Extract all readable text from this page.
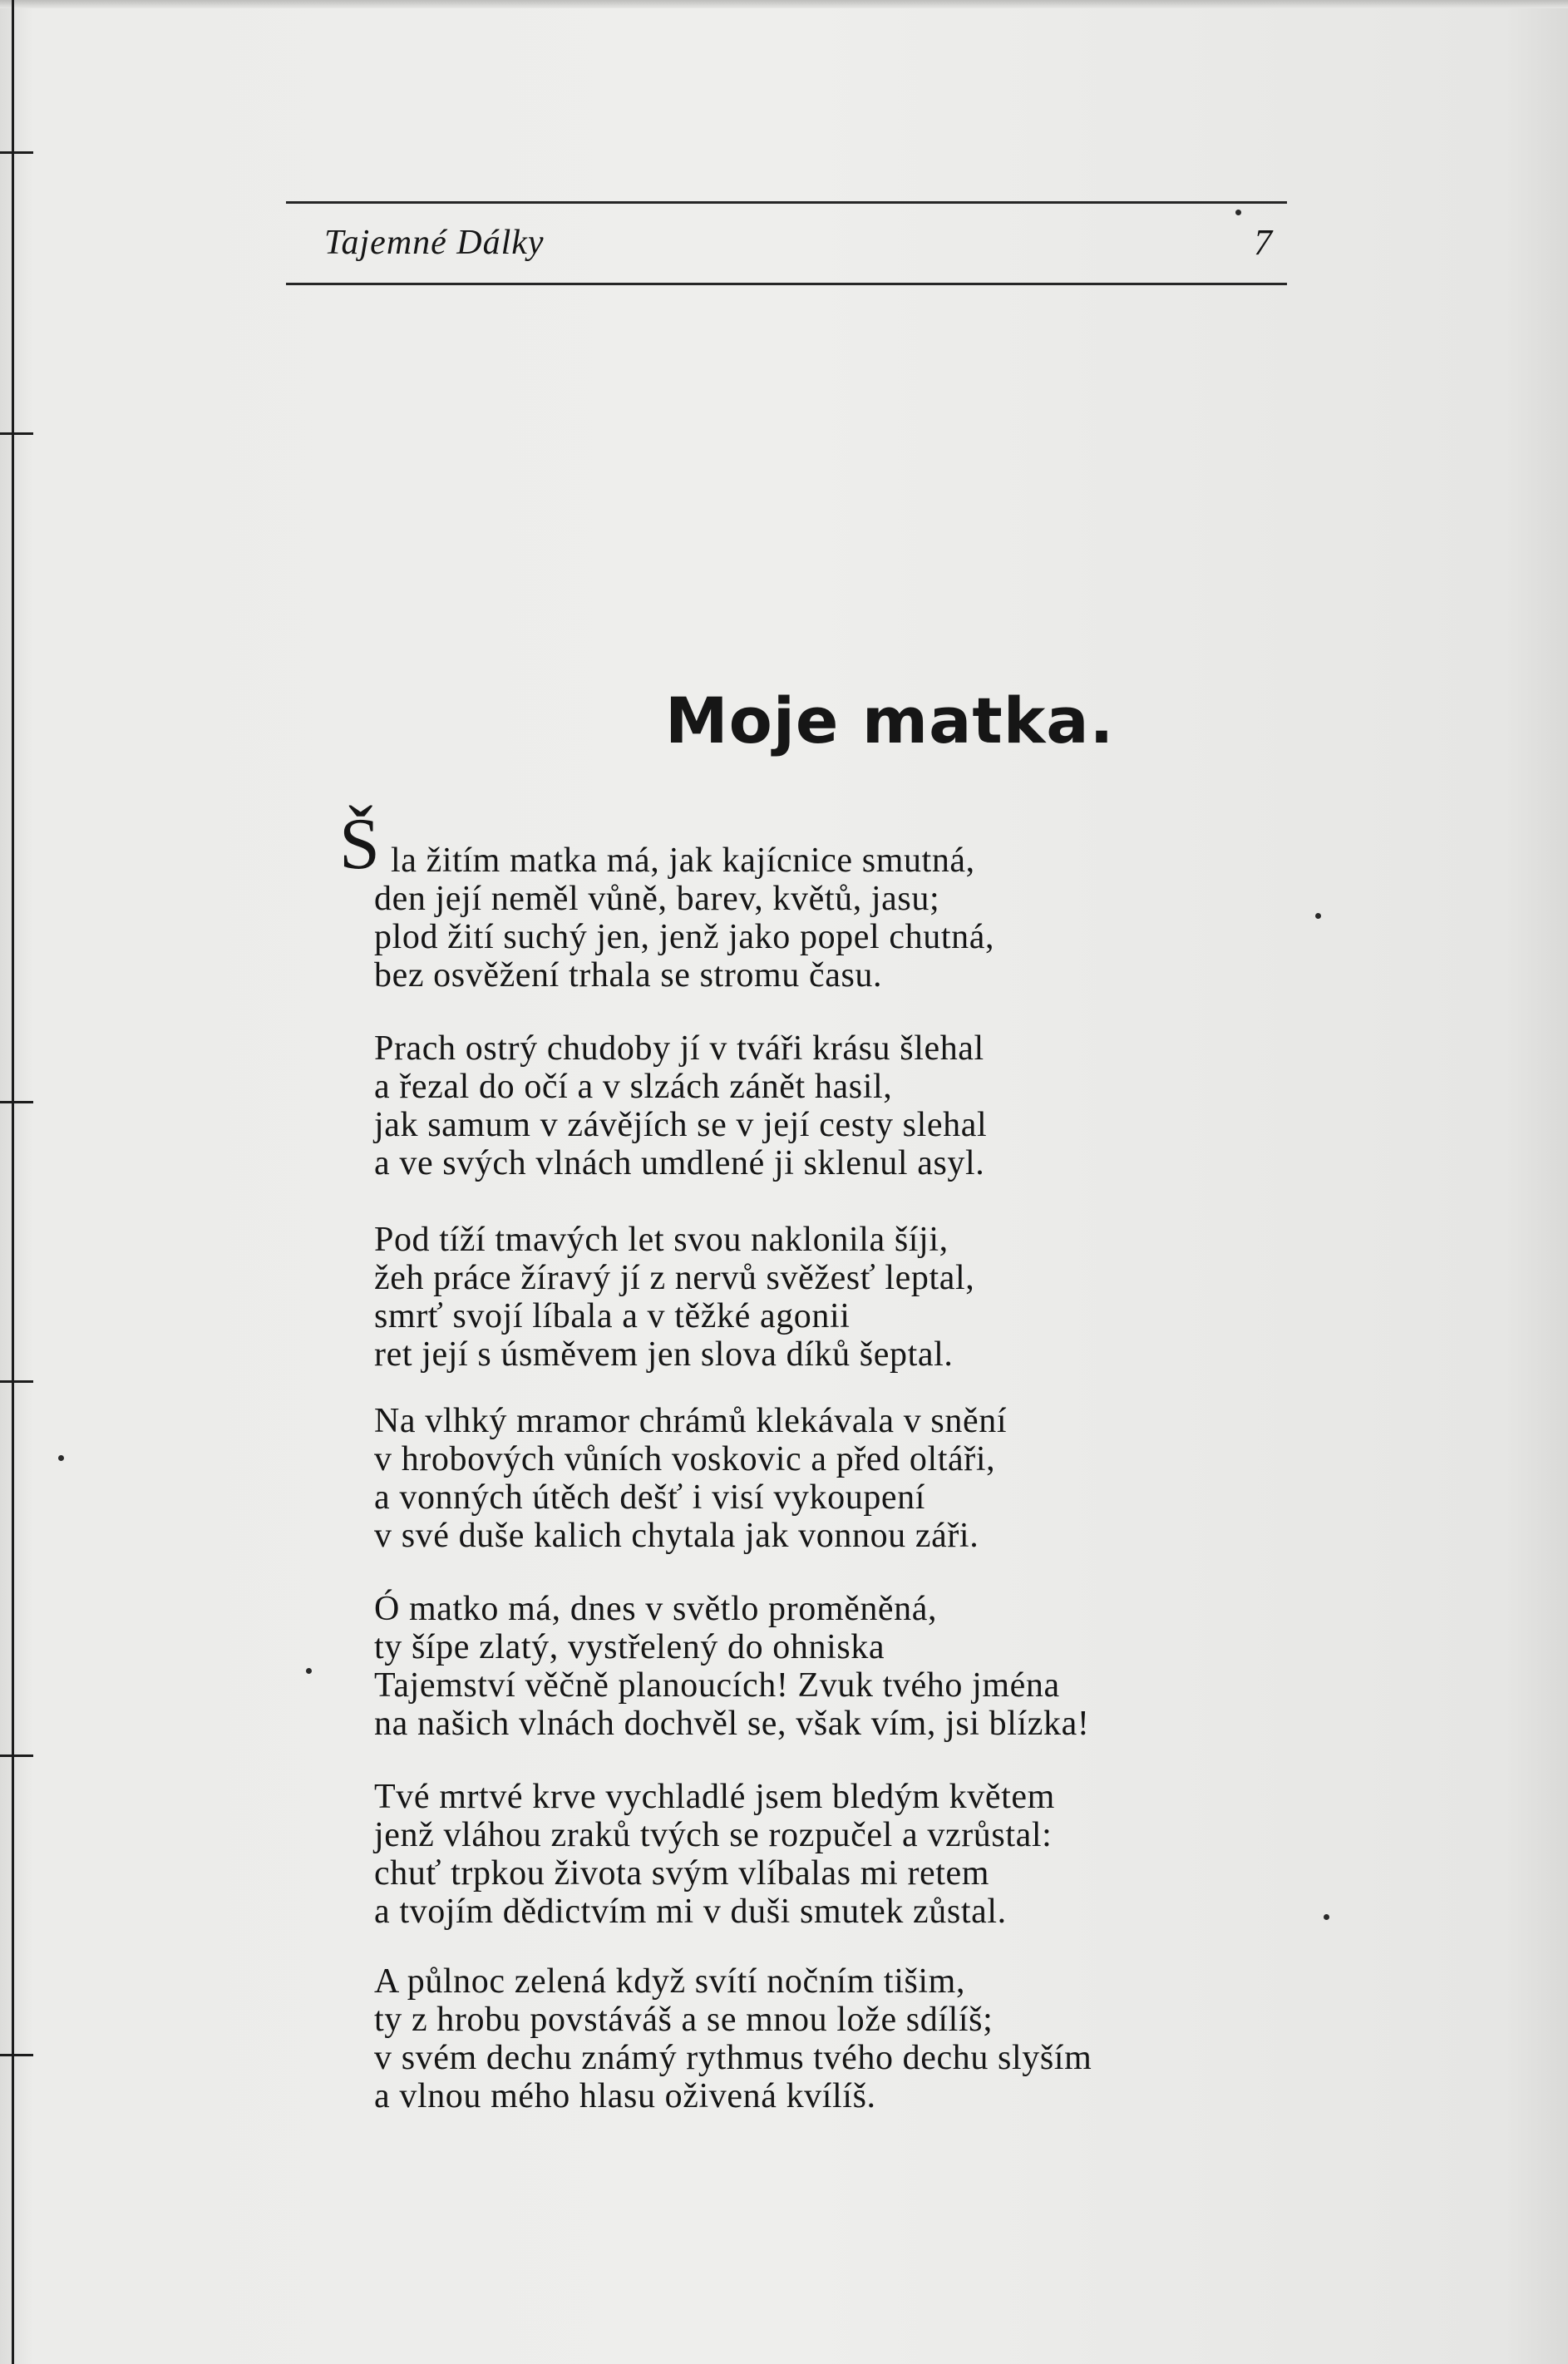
Tajemné Dálky	7
Moje matka.
Š la žitím matka má, jak kajícnice smutná,

den její neměl vůně, barev, květů, jasu;
plod žití suchý jen, jenž jako popel chutná,
bez osvěžení trhala se stromu času.
Prach ostrý chudoby jí v tváři krásu šlehal
a řezal do očí a v slzách zánět hasil,
jak samum v závějích se v její cesty slehal
a ve svých vlnách umdlené ji sklenul asyl.
Pod tíží tmavých let svou naklonila šíji,
žeh práce žíravý jí z nervů svěžesť leptal,
smrť svojí líbala a v těžké agonii
ret její s úsměvem jen slova díků šeptal.
Na vlhký mramor chrámů klekávala v snění
v hrobových vůních voskovic a před oltáři,
a vonných útěch dešť i visí vykoupení
v své duše kalich chytala jak vonnou záři.
Ó matko má, dnes v světlo proměněná,
ty šípe zlatý, vystřelený do ohniska
Tajemství věčně planoucích! Zvuk tvého jména
na našich vlnách dochvěl se, však vím, jsi blízka!
Tvé mrtvé krve vychladlé jsem bledým květem
jenž vláhou zraků tvých se rozpučel a vzrůstal:
chuť trpkou života svým vlíbalas mi retem
a tvojím dědictvím mi v duši smutek zůstal.
A půlnoc zelená když svítí nočním tišim,
ty z hrobu povstáváš a se mnou lože sdílíš;
v svém dechu známý rythmus tvého dechu slyším
a vlnou mého hlasu oživená kvílíš.
